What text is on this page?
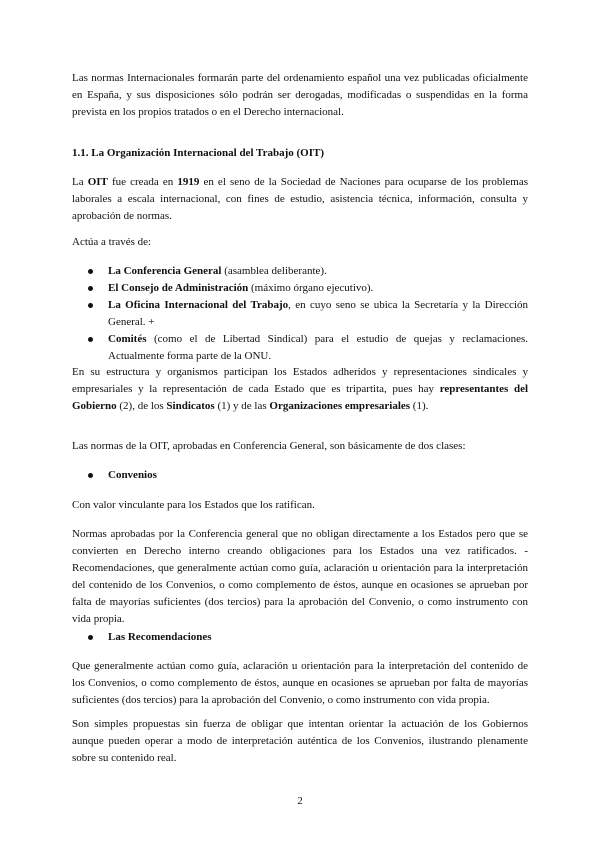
Las normas Internacionales formarán parte del ordenamiento español una vez publicadas oficialmente en España, y sus disposiciones sólo podrán ser derogadas, modificadas o suspendidas en la forma prevista en los propios tratados o en el Derecho internacional.

1.1. La Organización Internacional del Trabajo (OIT)

La OIT fue creada en 1919 en el seno de la Sociedad de Naciones para ocuparse de los problemas laborales a escala internacional, con fines de estudio, asistencia técnica, información, consulta y aprobación de normas.

Actúa a través de:

La Conferencia General (asamblea deliberante).
El Consejo de Administración (máximo órgano ejecutivo).
La Oficina Internacional del Trabajo, en cuyo seno se ubica la Secretaría y la Dirección General. +
Comités (como el de Libertad Sindical) para el estudio de quejas y reclamaciones. Actualmente forma parte de la ONU.

En su estructura y organismos participan los Estados adheridos y representaciones sindicales y empresariales y la representación de cada Estado que es tripartita, pues hay representantes del Gobierno (2), de los Sindicatos (1) y de las Organizaciones empresariales (1).

Las normas de la OIT, aprobadas en Conferencia General, son básicamente de dos clases:

Convenios

Con valor vinculante para los Estados que los ratifican.

Normas aprobadas por la Conferencia general que no obligan directamente a los Estados pero que se convierten en Derecho interno creando obligaciones para los Estados una vez ratificados. -Recomendaciones, que generalmente actúan como guía, aclaración u orientación para la interpretación del contenido de los Convenios, o como complemento de éstos, aunque en ocasiones se aprueban por falta de mayorías suficientes (dos tercios) para la aprobación del Convenio, o como instrumento con vida propia.

Las Recomendaciones

Que generalmente actúan como guía, aclaración u orientación para la interpretación del contenido de los Convenios, o como complemento de éstos, aunque en ocasiones se aprueban por falta de mayorías suficientes (dos tercios) para la aprobación del Convenio, o como instrumento con vida propia.

Son simples propuestas sin fuerza de obligar que intentan orientar la actuación de los Gobiernos aunque pueden operar a modo de interpretación auténtica de los Convenios, ilustrando plenamente sobre su contenido real.

2
